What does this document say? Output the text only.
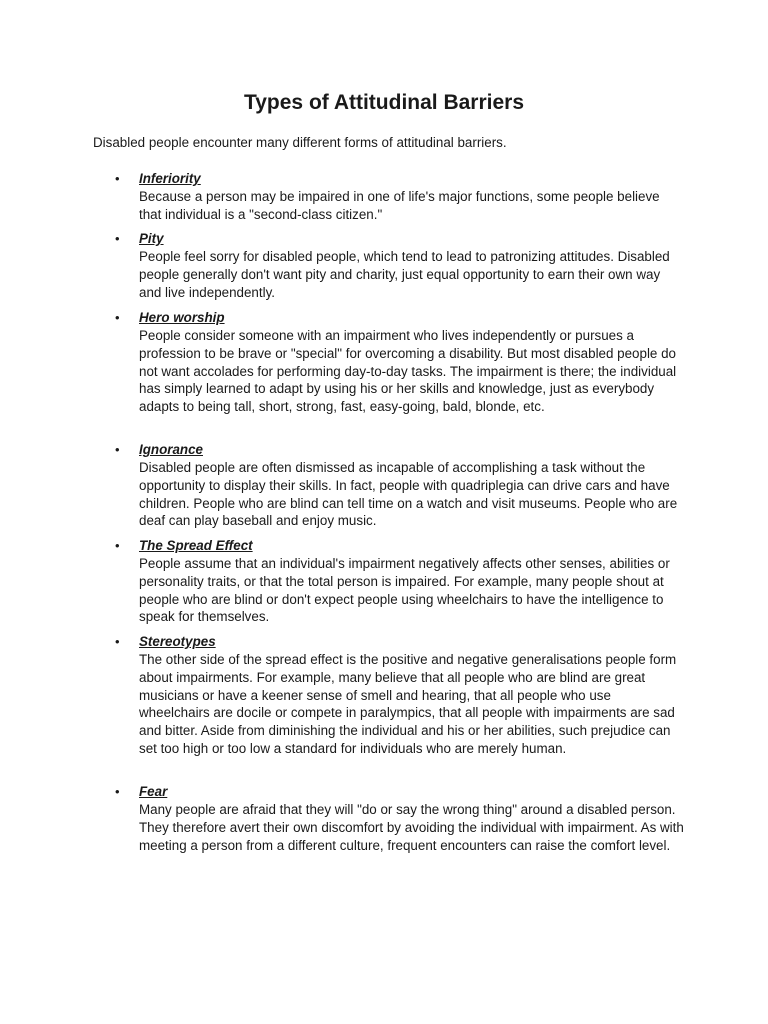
Types of Attitudinal Barriers

Disabled people encounter many different forms of attitudinal barriers.

• Inferiority
Because a person may be impaired in one of life's major functions, some people believe that individual is a "second-class citizen."
• Pity
People feel sorry for disabled people, which tend to lead to patronizing attitudes. Disabled people generally don't want pity and charity, just equal opportunity to earn their own way and live independently.
• Hero worship
People consider someone with an impairment who lives independently or pursues a profession to be brave or "special" for overcoming a disability. But most disabled people do not want accolades for performing day-to-day tasks. The impairment is there; the individual has simply learned to adapt by using his or her skills and knowledge, just as everybody adapts to being tall, short, strong, fast, easy-going, bald, blonde, etc.
• Ignorance
Disabled people are often dismissed as incapable of accomplishing a task without the opportunity to display their skills. In fact, people with quadriplegia can drive cars and have children. People who are blind can tell time on a watch and visit museums. People who are deaf can play baseball and enjoy music.
• The Spread Effect
People assume that an individual's impairment negatively affects other senses, abilities or personality traits, or that the total person is impaired. For example, many people shout at people who are blind or don't expect people using wheelchairs to have the intelligence to speak for themselves.
• Stereotypes
The other side of the spread effect is the positive and negative generalisations people form about impairments. For example, many believe that all people who are blind are great musicians or have a keener sense of smell and hearing, that all people who use wheelchairs are docile or compete in paralympics, that all people with impairments are sad and bitter. Aside from diminishing the individual and his or her abilities, such prejudice can set too high or too low a standard for individuals who are merely human.
• Fear
Many people are afraid that they will "do or say the wrong thing" around a disabled person. They therefore avert their own discomfort by avoiding the individual with impairment. As with meeting a person from a different culture, frequent encounters can raise the comfort level.
